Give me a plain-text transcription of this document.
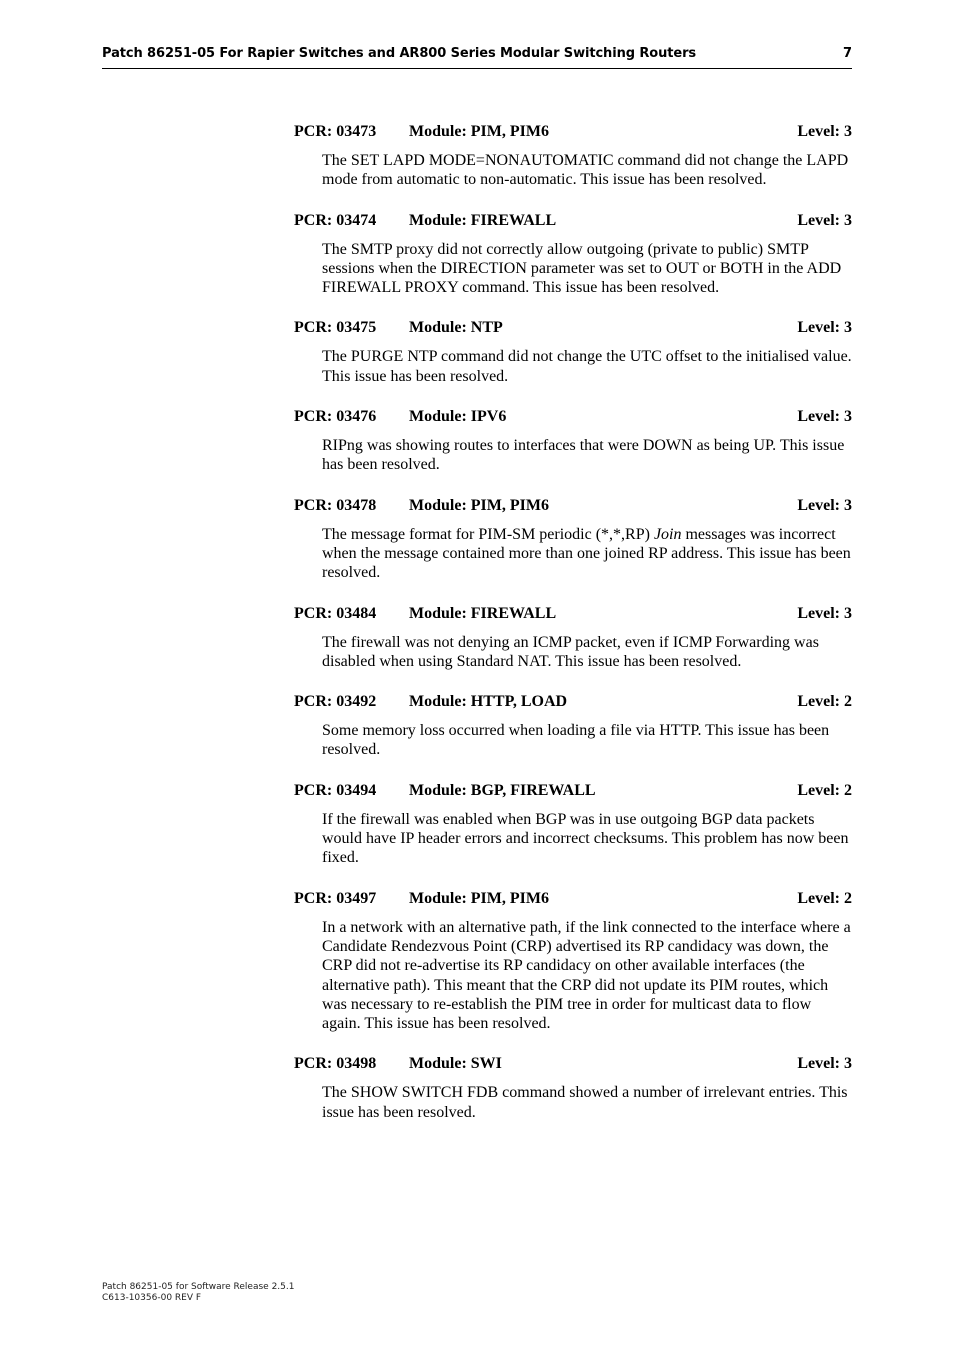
Patch 86251-05 For Rapier Switches and AR800 Series Modular Switching Routers	7
PCR: 03473	Module: PIM, PIM6	Level: 3
The SET LAPD MODE=NONAUTOMATIC command did not change the LAPD mode from automatic to non-automatic. This issue has been resolved.
PCR: 03474	Module: FIREWALL	Level: 3
The SMTP proxy did not correctly allow outgoing (private to public) SMTP sessions when the DIRECTION parameter was set to OUT or BOTH in the ADD FIREWALL PROXY command. This issue has been resolved.
PCR: 03475	Module: NTP	Level: 3
The PURGE NTP command did not change the UTC offset to the initialised value. This issue has been resolved.
PCR: 03476	Module: IPV6	Level: 3
RIPng was showing routes to interfaces that were DOWN as being UP. This issue has been resolved.
PCR: 03478	Module: PIM, PIM6	Level: 3
The message format for PIM-SM periodic (*,*,RP) Join messages was incorrect when the message contained more than one joined RP address. This issue has been resolved.
PCR: 03484	Module: FIREWALL	Level: 3
The firewall was not denying an ICMP packet, even if ICMP Forwarding was disabled when using Standard NAT. This issue has been resolved.
PCR: 03492	Module: HTTP, LOAD	Level: 2
Some memory loss occurred when loading a file via HTTP. This issue has been resolved.
PCR: 03494	Module: BGP, FIREWALL	Level: 2
If the firewall was enabled when BGP was in use outgoing BGP data packets would have IP header errors and incorrect checksums. This problem has now been fixed.
PCR: 03497	Module: PIM, PIM6	Level: 2
In a network with an alternative path, if the link connected to the interface where a Candidate Rendezvous Point (CRP) advertised its RP candidacy was down, the CRP did not re-advertise its RP candidacy on other available interfaces (the alternative path). This meant that the CRP did not update its PIM routes, which was necessary to re-establish the PIM tree in order for multicast data to flow again. This issue has been resolved.
PCR: 03498	Module: SWI	Level: 3
The SHOW SWITCH FDB command showed a number of irrelevant entries. This issue has been resolved.
Patch 86251-05 for Software Release 2.5.1
C613-10356-00 REV F
